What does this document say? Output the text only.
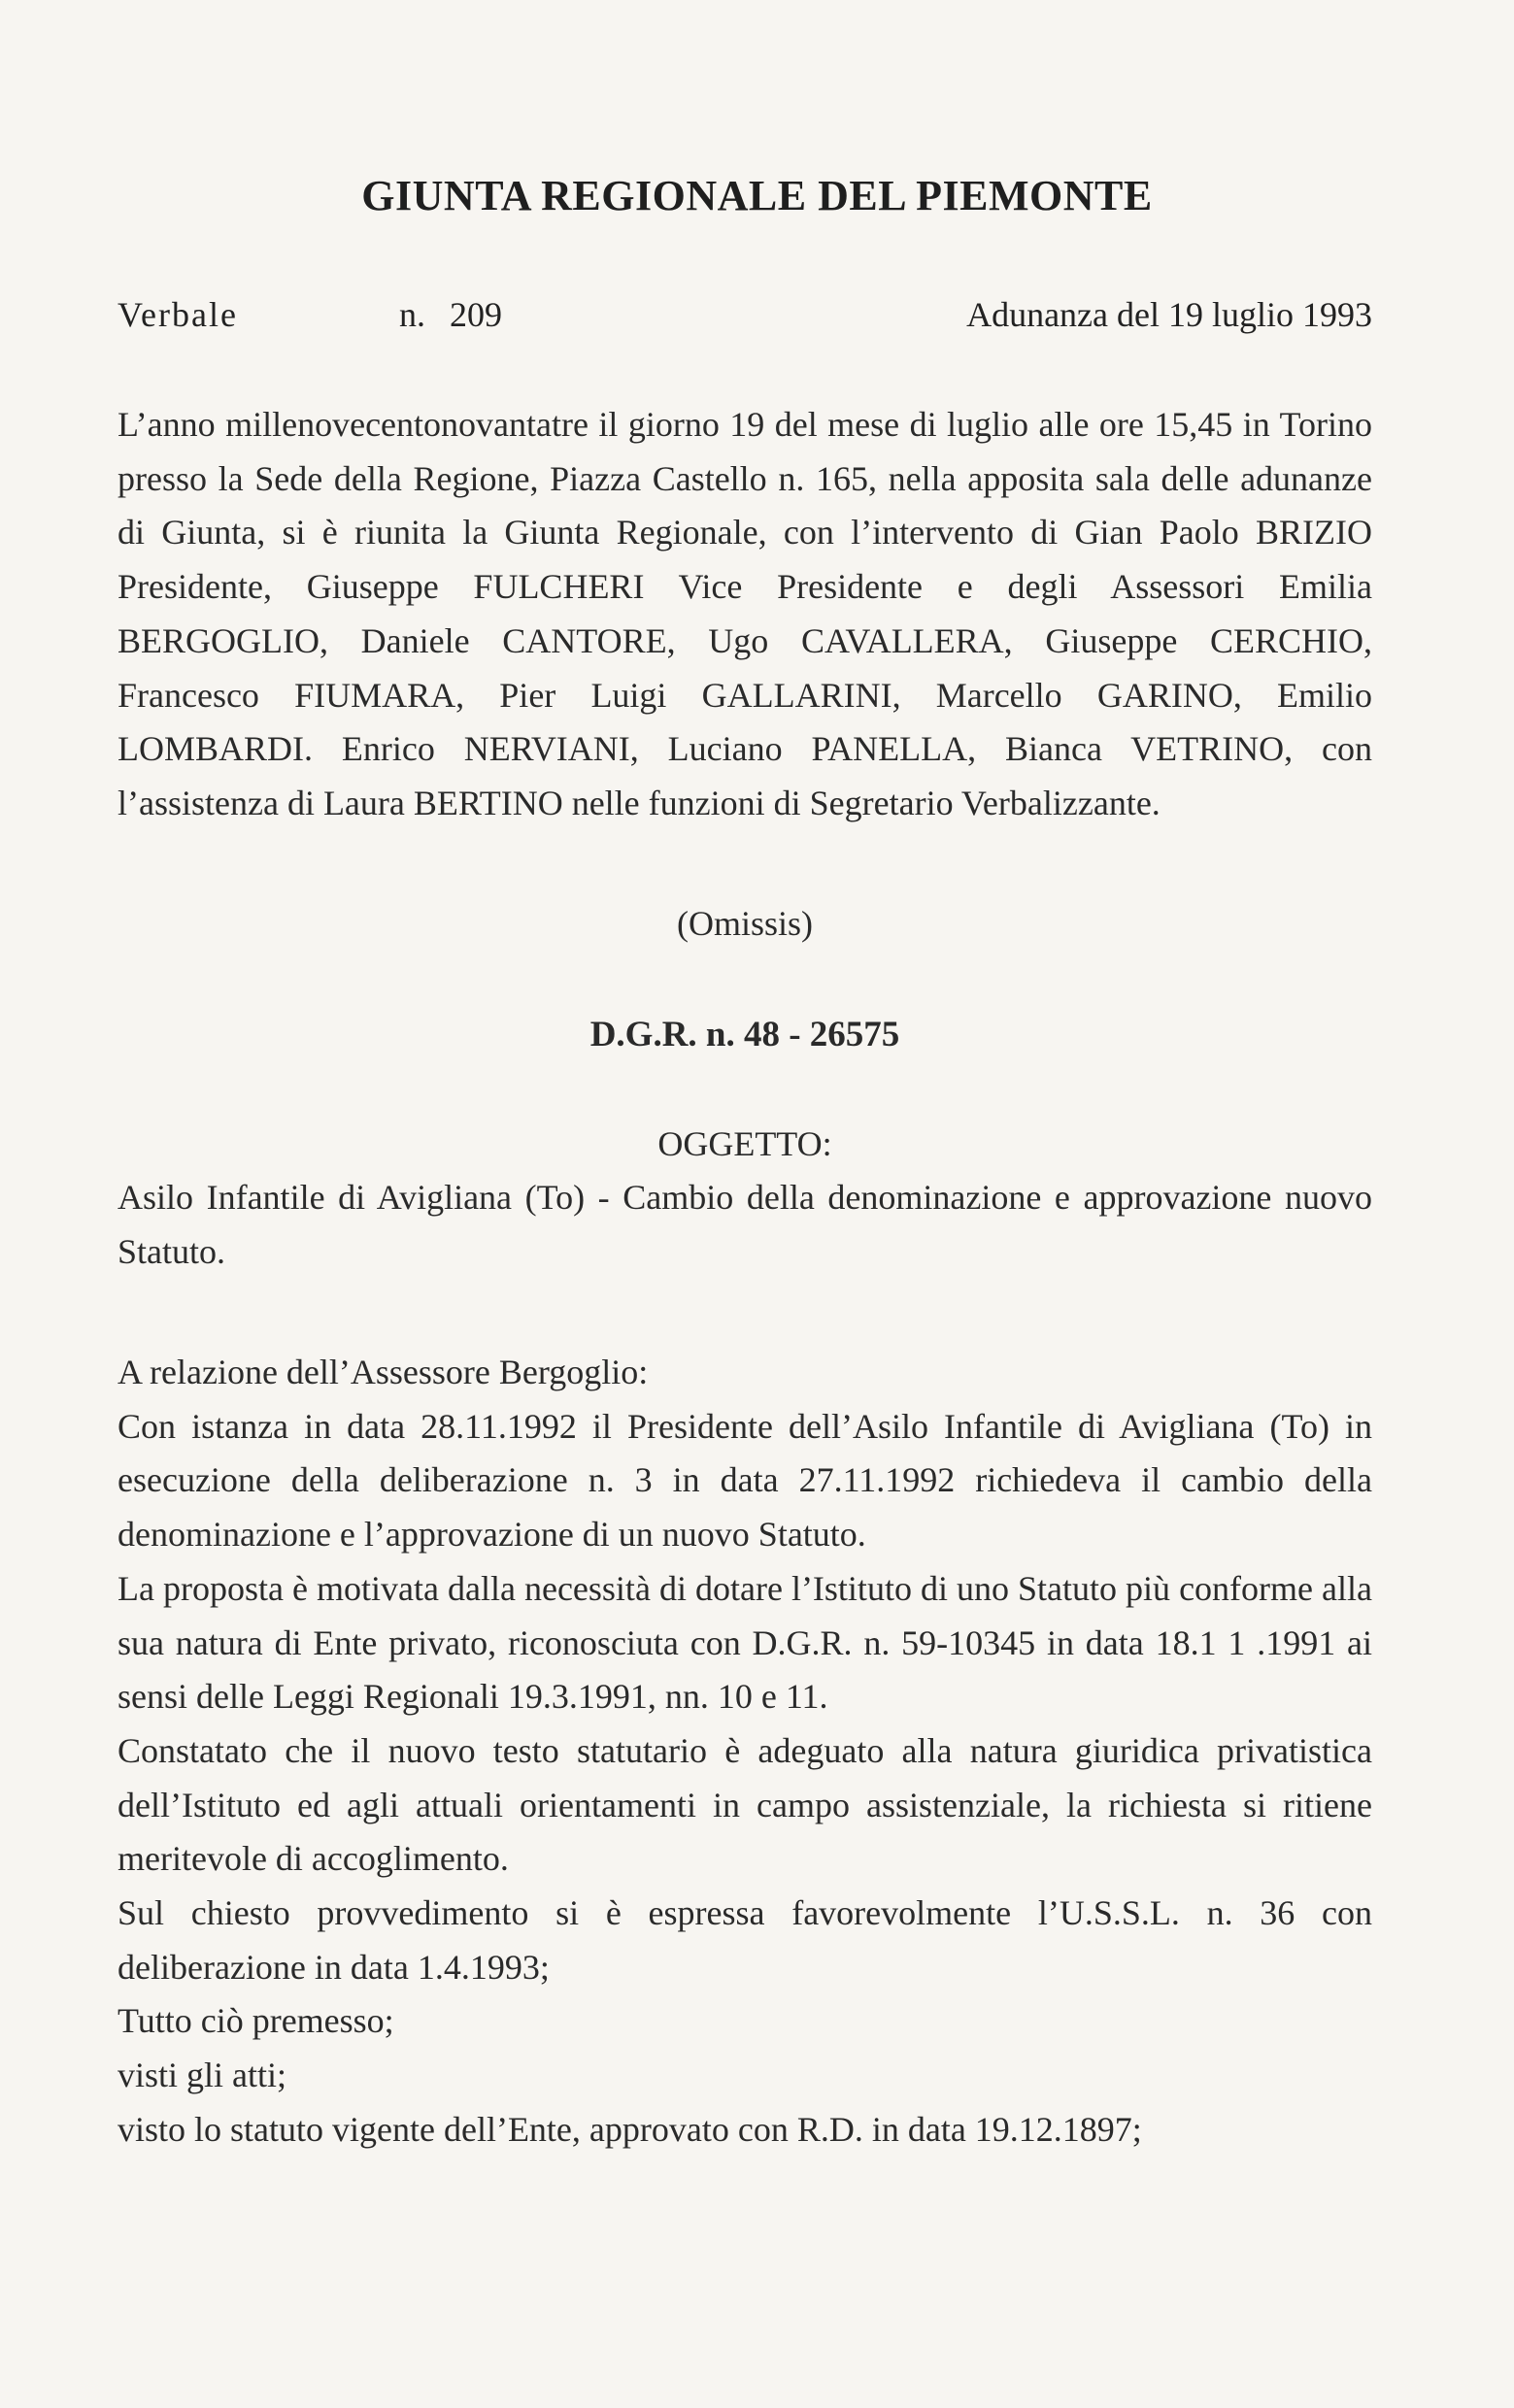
GIUNTA REGIONALE DEL PIEMONTE
Verbale	n. 209	Adunanza del 19 luglio 1993
L’anno millenovecentonovantatre il giorno 19 del mese di luglio alle ore 15,45 in Torino presso la Sede della Regione, Piazza Castello n. 165, nella apposita sala delle adunanze di Giunta, si è riunita la Giunta Regionale, con l’intervento di Gian Paolo BRIZIO Presidente, Giuseppe FULCHERI Vice Presidente e degli Assessori Emilia BERGOGLIO, Daniele CANTORE, Ugo CAVALLERA, Giuseppe CERCHIO, Francesco FIUMARA, Pier Luigi GALLARINI, Marcello GARINO, Emilio LOMBARDI. Enrico NERVIANI, Luciano PANELLA, Bianca VETRINO, con l’assistenza di Laura BERTINO nelle funzioni di Segretario Verbalizzante.
(Omissis)
D.G.R. n. 48 - 26575
OGGETTO:
Asilo Infantile di Avigliana (To) - Cambio della denominazione e approvazione nuovo Statuto.

A relazione dell’Assessore Bergoglio:

Con istanza in data 28.11.1992 il Presidente dell’Asilo Infantile di Avigliana (To) in esecuzione della deliberazione n. 3 in data 27.11.1992 richiedeva il cambio della denominazione e l’approvazione di un nuovo Statuto.

La proposta è motivata dalla necessità di dotare l’Istituto di uno Statuto più conforme alla sua natura di Ente privato, riconosciuta con D.G.R. n. 59-10345 in data 18.1 1 .1991 ai sensi delle Leggi Regionali 19.3.1991, nn. 10 e 11.

Constatato che il nuovo testo statutario è adeguato alla natura giuridica privatistica dell’Istituto ed agli attuali orientamenti in campo assistenziale, la richiesta si ritiene meritevole di accoglimento.

Sul chiesto provvedimento si è espressa favorevolmente l’U.S.S.L. n. 36 con deliberazione in data 1.4.1993;

Tutto ciò premesso;

visti gli atti;

visto lo statuto vigente dell’Ente, approvato con R.D. in data 19.12.1897;
